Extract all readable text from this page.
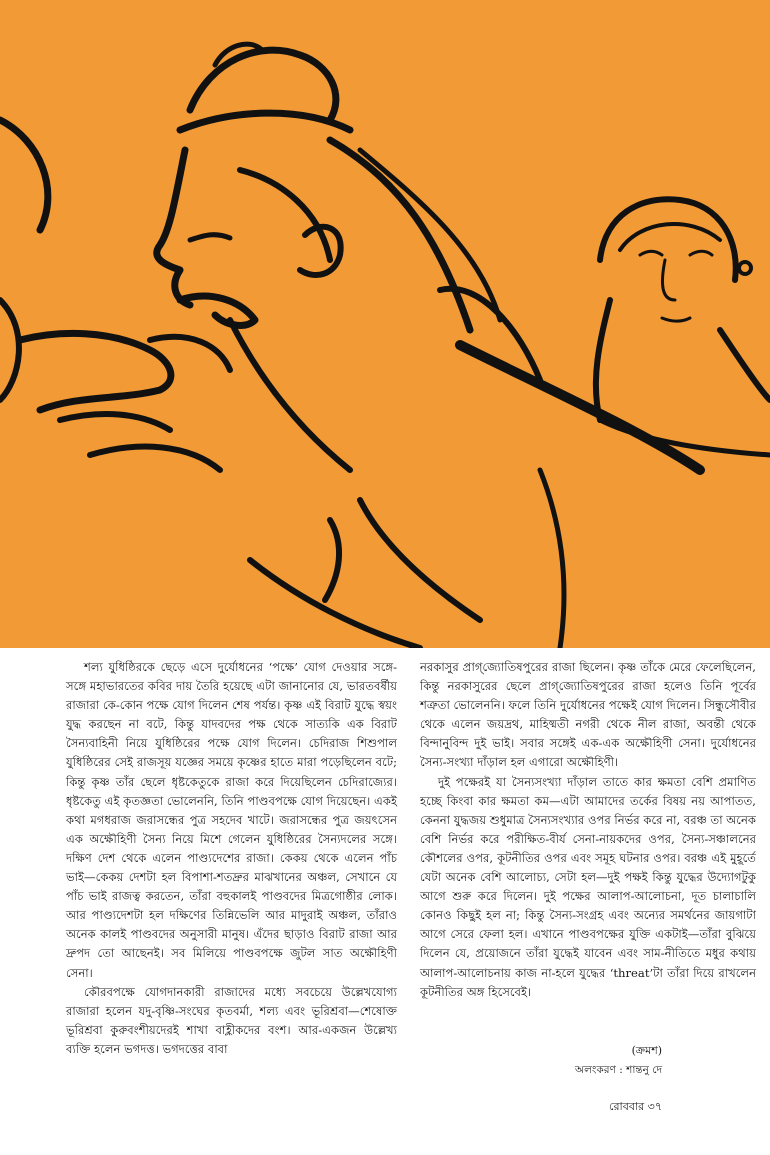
শল্য যুধিষ্ঠিরকে ছেড়ে এসে দুর্যোধনের ‘পক্ষে’ যোগ দেওয়ার সঙ্গে-সঙ্গে মহাভারতের কবির দায় তৈরি হয়েছে এটা জানানোর যে, ভারতবর্ষীয় রাজারা কে-কোন পক্ষে যোগ দিলেন শেষ পর্যন্ত। কৃষ্ণ এই বিরাট যুদ্ধে স্বয়ং যুদ্ধ করছেন না বটে, কিন্তু যাদবদের পক্ষ থেকে সাত্যকি এক বিরাট সৈন্যবাহিনী নিয়ে যুধিষ্ঠিরের পক্ষে যোগ দিলেন। চেদিরাজ শিশুপাল যুধিষ্ঠিরের সেই রাজসূয় যজ্ঞের সময়ে কৃষ্ণের হাতে মারা পড়েছিলেন বটে; কিন্তু কৃষ্ণ তাঁর ছেলে ধৃষ্টকেতুকে রাজা করে দিয়েছিলেন চেদিরাজ্যের। ধৃষ্টকেতু এই কৃতজ্ঞতা ভোলেননি, তিনি পাণ্ডবপক্ষে যোগ দিয়েছেন। একই কথা মগধরাজ জরাসন্ধের পুত্র সহদেব খাটে। জরাসন্ধের পুত্র জয়ৎসেন এক অক্ষৌহিণী সৈন্য নিয়ে মিশে গেলেন যুধিষ্ঠিরের সৈন্যদলের সঙ্গে। দক্ষিণ দেশ থেকে এলেন পাণ্ড্যদেশের রাজা। কেকয় থেকে এলেন পাঁচ ভাই—কেকয় দেশটা হল বিপাশা-শতদ্রুর মাঝখানের অঞ্চল, সেখানে যে পাঁচ ভাই রাজত্ব করতেন, তাঁরা বহুকালই পাণ্ডবদের মিত্রগোষ্ঠীর লোক। আর পাণ্ড্যদেশটা হল দক্ষিণের তিন্নিভেলি আর মাদুরাই অঞ্চল, তাঁরাও অনেক কালই পাণ্ডবদের অনুসারী মানুষ। এঁদের ছাড়াও বিরাট রাজা আর দ্রুপদ তো আছেনই। সব মিলিয়ে পাণ্ডবপক্ষে জুটল সাত অক্ষৌহিণী সেনা।

কৌরবপক্ষে যোগদানকারী রাজাদের মধ্যে সবচেয়ে উল্লেখযোগ্য রাজারা হলেন যদু-বৃষ্ণি-সংঘের কৃতবর্মা, শল্য এবং ভূরিশ্রবা—শেষোক্ত ভূরিশ্রবা কুরুবংশীয়দেরই শাখা বাহ্লীকদের বংশ। আর-একজন উল্লেখ্য ব্যক্তি হলেন ভগদত্ত। ভগদত্তের বাবা

নরকাসুর প্রাগ্‌জ্যোতিষপুরের রাজা ছিলেন। কৃষ্ণ তাঁকে মেরে ফেলেছিলেন, কিন্তু নরকাসুরের ছেলে প্রাগ্‌জ্যোতিষপুরের রাজা হলেও তিনি পূর্বের শত্রুতা ভোলেননি। ফলে তিনি দুর্যোধনের পক্ষেই যোগ দিলেন। সিন্ধুসৌবীর থেকে এলেন জয়দ্রথ, মাহিষ্মতী নগরী থেকে নীল রাজা, অবন্তী থেকে বিন্দানুবিন্দ দুই ভাই। সবার সঙ্গেই এক-এক অক্ষৌহিণী সেনা। দুর্যোধনের সৈন্য-সংখ্যা দাঁড়াল হল এগারো অক্ষৌহিণী।

দুই পক্ষেরই যা সৈন্যসংখ্যা দাঁড়াল তাতে কার ক্ষমতা বেশি প্রমাণিত হচ্ছে কিংবা কার ক্ষমতা কম—এটা আমাদের তর্কের বিষয় নয় আপাতত, কেননা যুদ্ধজয় শুধুমাত্র সৈন্যসংখ্যার ওপর নির্ভর করে না, বরঞ্চ তা অনেক বেশি নির্ভর করে পরীক্ষিত-বীর্য সেনা-নায়কদের ওপর, সৈন্য-সঞ্চালনের কৌশলের ওপর, কূটনীতির ওপর এবং সমূহ ঘটনার ওপর। বরঞ্চ এই মুহূর্তে যেটা অনেক বেশি আলোচ্য, সেটা হল—দুই পক্ষই কিন্তু যুদ্ধের উদ্যোগটুকু আগে শুরু করে দিলেন। দুই পক্ষের আলাপ-আলোচনা, দূত চালাচালি কোনও কিছুই হল না; কিন্তু সৈন্য-সংগ্রহ এবং অন্যের সমর্থনের জায়গাটা আগে সেরে ফেলা হল। এখানে পাণ্ডবপক্ষের যুক্তি একটাই—তাঁরা বুঝিয়ে দিলেন যে, প্রয়োজনে তাঁরা যুদ্ধেই যাবেন এবং সাম-নীতিতে মধুর কথায় আলাপ-আলোচনায় কাজ না-হলে যুদ্ধের ‘threat’টা তাঁরা দিয়ে রাখলেন কূটনীতির অঙ্গ হিসেবেই।

(ক্রমশ)
অলংকরণ : শান্তনু দে
রোববার ৩৭
